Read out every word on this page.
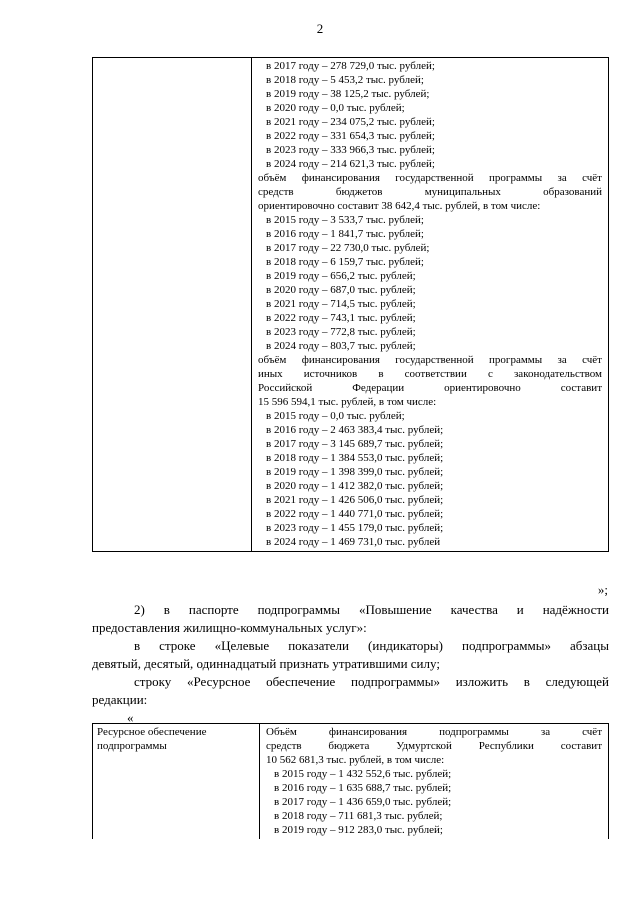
2

в 2017 году – 278 729,0 тыс. рублей;
в 2018 году – 5 453,2 тыс. рублей;
в 2019 году – 38 125,2 тыс. рублей;
в 2020 году – 0,0 тыс. рублей;
в 2021 году – 234 075,2 тыс. рублей;
в 2022 году – 331 654,3 тыс. рублей;
в 2023 году – 333 966,3 тыс. рублей;
в 2024 году – 214 621,3 тыс. рублей;
объём финансирования государственной программы за счёт
средств бюджетов муниципальных образований
ориентировочно составит 38 642,4 тыс. рублей, в том числе:
в 2015 году – 3 533,7 тыс. рублей;
в 2016 году – 1 841,7 тыс. рублей;
в 2017 году – 22 730,0 тыс. рублей;
в 2018 году – 6 159,7 тыс. рублей;
в 2019 году – 656,2 тыс. рублей;
в 2020 году – 687,0 тыс. рублей;
в 2021 году – 714,5 тыс. рублей;
в 2022 году – 743,1 тыс. рублей;
в 2023 году – 772,8 тыс. рублей;
в 2024 году – 803,7 тыс. рублей;
объём финансирования государственной программы за счёт
иных источников в соответствии с законодательством
Российской Федерации ориентировочно составит
15 596 594,1 тыс. рублей, в том числе:
в 2015 году – 0,0 тыс. рублей;
в 2016 году – 2 463 383,4 тыс. рублей;
в 2017 году – 3 145 689,7 тыс. рублей;
в 2018 году – 1 384 553,0 тыс. рублей;
в 2019 году – 1 398 399,0 тыс. рублей;
в 2020 году – 1 412 382,0 тыс. рублей;
в 2021 году – 1 426 506,0 тыс. рублей;
в 2022 году – 1 440 771,0 тыс. рублей;
в 2023 году – 1 455 179,0 тыс. рублей;
в 2024 году – 1 469 731,0 тыс. рублей
»;
2) в паспорте подпрограммы «Повышение качества и надёжности
предоставления жилищно-коммунальных услуг»:
в строке «Целевые показатели (индикаторы) подпрограммы» абзацы
девятый, десятый, одиннадцатый признать утратившими силу;
строку «Ресурсное обеспечение подпрограммы» изложить в следующей
редакции:
«
Ресурсное обеспечение
подпрограммы

Объём финансирования подпрограммы за счёт
средств бюджета Удмуртской Республики составит
10 562 681,3 тыс. рублей, в том числе:
в 2015 году – 1 432 552,6 тыс. рублей;
в 2016 году – 1 635 688,7 тыс. рублей;
в 2017 году – 1 436 659,0 тыс. рублей;
в 2018 году – 711 681,3 тыс. рублей;
в 2019 году – 912 283,0 тыс. рублей;
